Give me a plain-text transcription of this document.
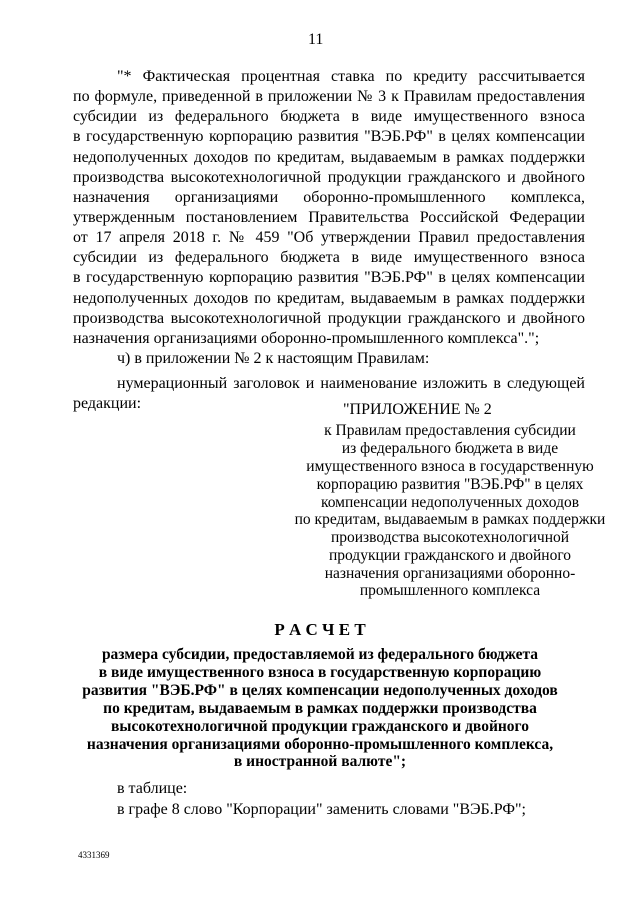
11
"* Фактическая процентная ставка по кредиту рассчитывается
по формуле, приведенной в приложении № 3 к Правилам предоставления
субсидии из федерального бюджета в виде имущественного взноса
в государственную корпорацию развития "ВЭБ.РФ" в целях компенсации
недополученных доходов по кредитам, выдаваемым в рамках поддержки
производства высокотехнологичной продукции гражданского и двойного
назначения организациями оборонно-промышленного комплекса,
утвержденным постановлением Правительства Российской Федерации
от 17 апреля 2018 г. № 459 "Об утверждении Правил предоставления
субсидии из федерального бюджета в виде имущественного взноса
в государственную корпорацию развития "ВЭБ.РФ" в целях компенсации
недополученных доходов по кредитам, выдаваемым в рамках поддержки
производства высокотехнологичной продукции гражданского и двойного
назначения организациями оборонно-промышленного комплекса".";
ч) в приложении № 2 к настоящим Правилам:
нумерационный заголовок и наименование изложить в следующей
редакции:	"ПРИЛОЖЕНИЕ № 2
к Правилам предоставления субсидии
из федерального бюджета в виде
имущественного взноса в государственную
корпорацию развития "ВЭБ.РФ" в целях
компенсации недополученных доходов
по кредитам, выдаваемым в рамках поддержки
производства высокотехнологичной
продукции гражданского и двойного
назначения организациями оборонно-
промышленного комплекса
Р А С Ч Е Т
размера субсидии, предоставляемой из федерального бюджета
в виде имущественного взноса в государственную корпорацию
развития "ВЭБ.РФ" в целях компенсации недополученных доходов
по кредитам, выдаваемым в рамках поддержки производства
высокотехнологичной продукции гражданского и двойного
назначения организациями оборонно-промышленного комплекса,
в иностранной валюте";
в таблице:
в графе 8 слово "Корпорации" заменить словами "ВЭБ.РФ";
4331369
